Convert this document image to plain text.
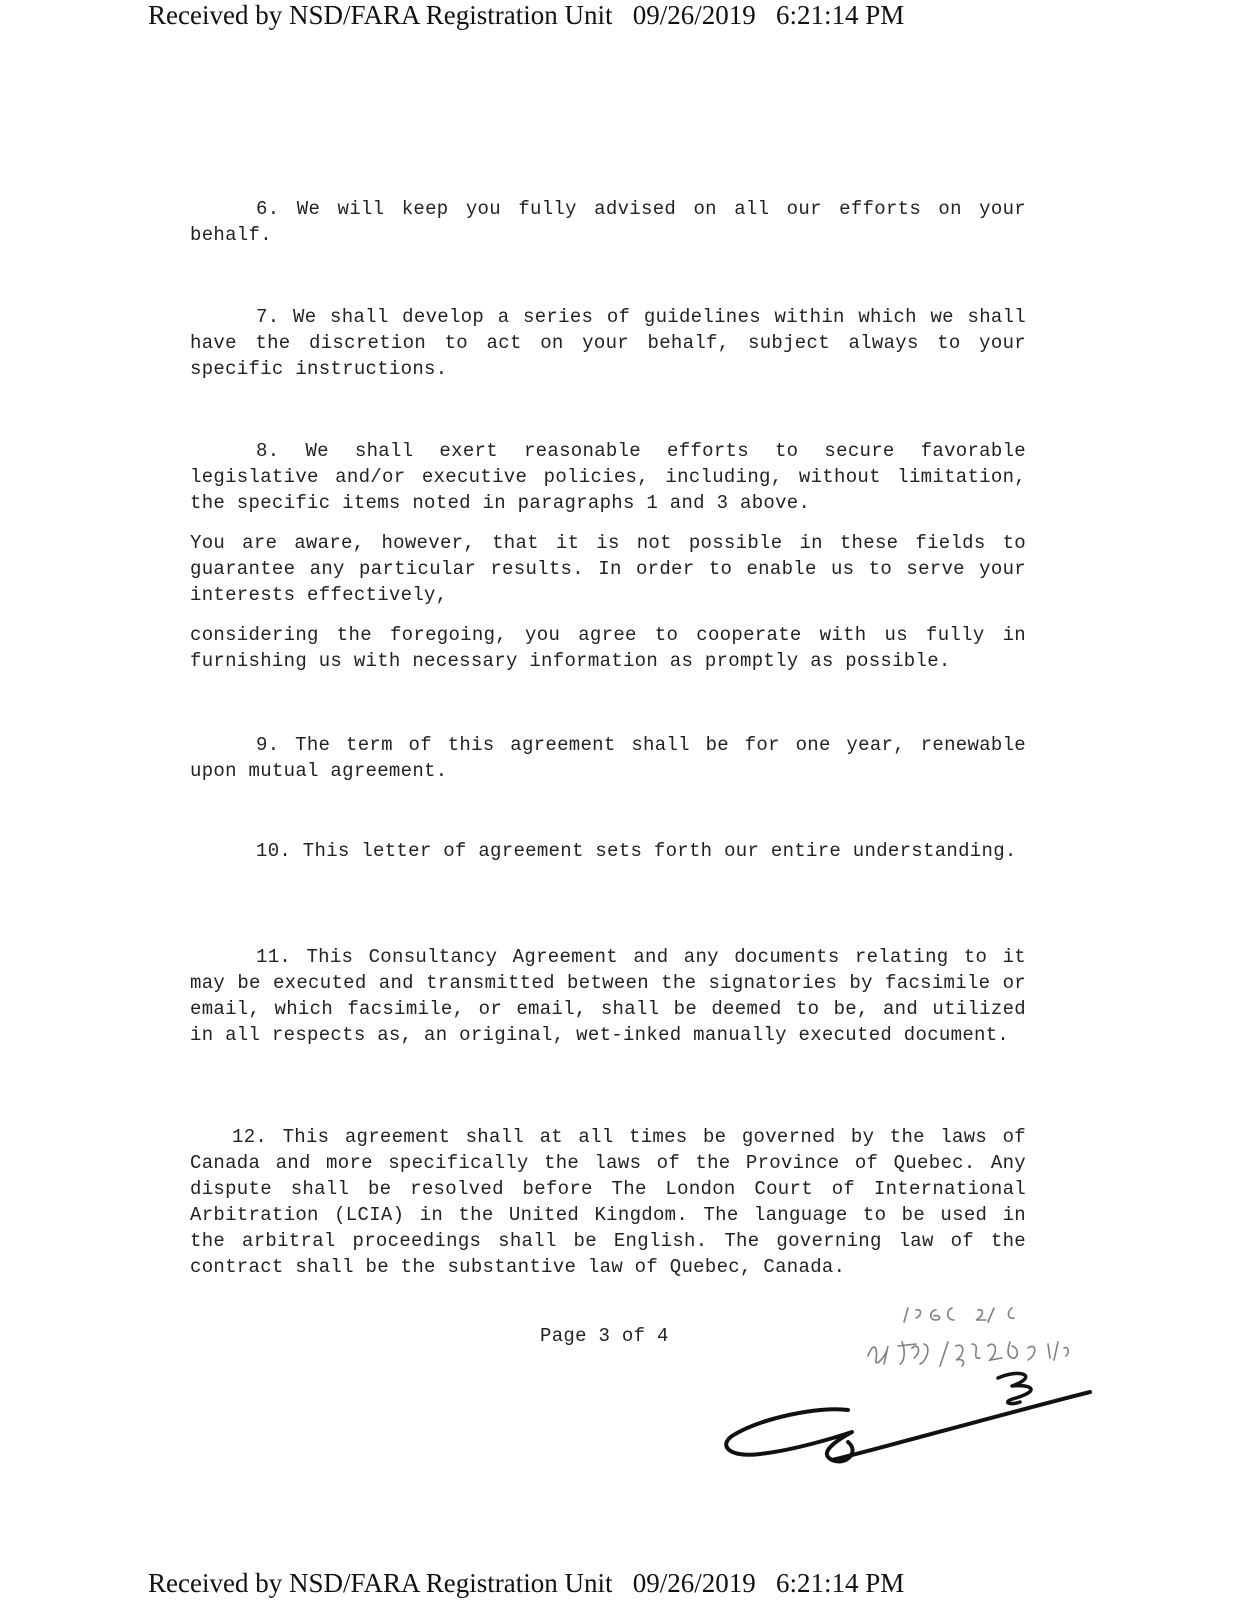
Received by NSD/FARA Registration Unit   09/26/2019   6:21:14 PM

6. We will keep you fully advised on all our efforts on your behalf.

7. We shall develop a series of guidelines within which we shall have the discretion to act on your behalf, subject always to your specific instructions.

8. We shall exert reasonable efforts to secure favorable legislative and/or executive policies, including, without limitation, the specific items noted in paragraphs 1 and 3 above.

You are aware, however, that it is not possible in these fields to guarantee any particular results. In order to enable us to serve your interests effectively,

considering the foregoing, you agree to cooperate with us fully in furnishing us with necessary information as promptly as possible.

9. The term of this agreement shall be for one year, renewable upon mutual agreement.

10. This letter of agreement sets forth our entire understanding.

11. This Consultancy Agreement and any documents relating to it may be executed and transmitted between the signatories by facsimile or email, which facsimile, or email, shall be deemed to be, and utilized in all respects as, an original, wet-inked manually executed document.

12. This agreement shall at all times be governed by the laws of Canada and more specifically the laws of the Province of Quebec. Any dispute shall be resolved before The London Court of International Arbitration (LCIA) in the United Kingdom. The language to be used in the arbitral proceedings shall be English. The governing law of the contract shall be the substantive law of Quebec, Canada.

Page 3 of 4
Received by NSD/FARA Registration Unit   09/26/2019   6:21:14 PM
